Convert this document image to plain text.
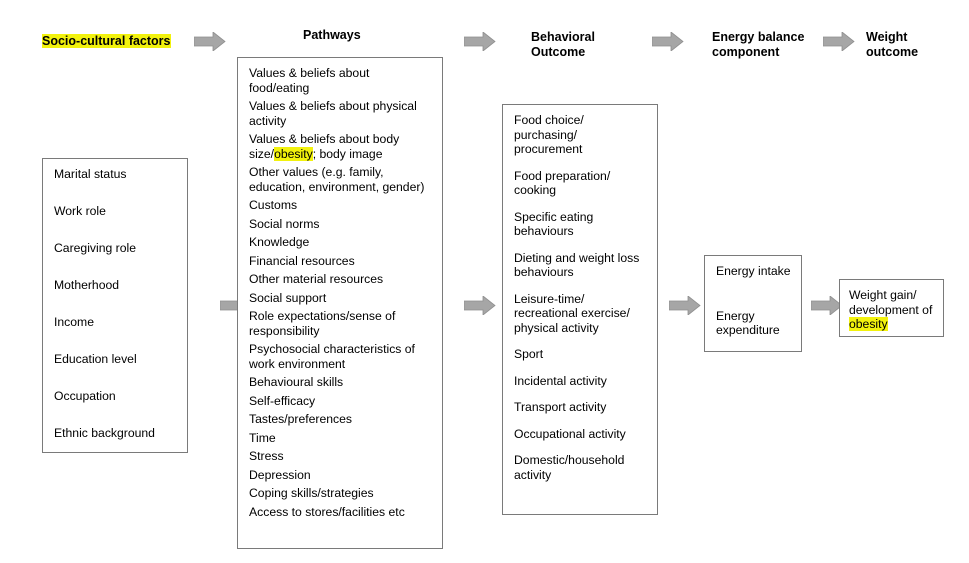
Socio-cultural factors	Pathways	Behavioral
Outcome
Energy balance
component
Weight
outcome
Marital status
Work role
Caregiving role
Motherhood
Income
Education level
Occupation
Ethnic background
Values & beliefs about food/eating
Values & beliefs about physical activity
Values & beliefs about body size/obesity; body image
Other values (e.g. family, education, environment, gender)
Customs
Social norms
Knowledge
Financial resources
Other material resources
Social support
Role expectations/sense of responsibility
Psychosocial characteristics of work environment
Behavioural skills
Self-efficacy
Tastes/preferences
Time
Stress
Depression
Coping skills/strategies
Access to stores/facilities etc
Food choice/ purchasing/ procurement
Food preparation/ cooking
Specific eating behaviours
Dieting and weight loss behaviours
Leisure-time/ recreational exercise/ physical activity
Sport
Incidental activity
Transport activity
Occupational activity
Domestic/household activity
Energy intake
Energy expenditure
Weight gain/ development of obesity
